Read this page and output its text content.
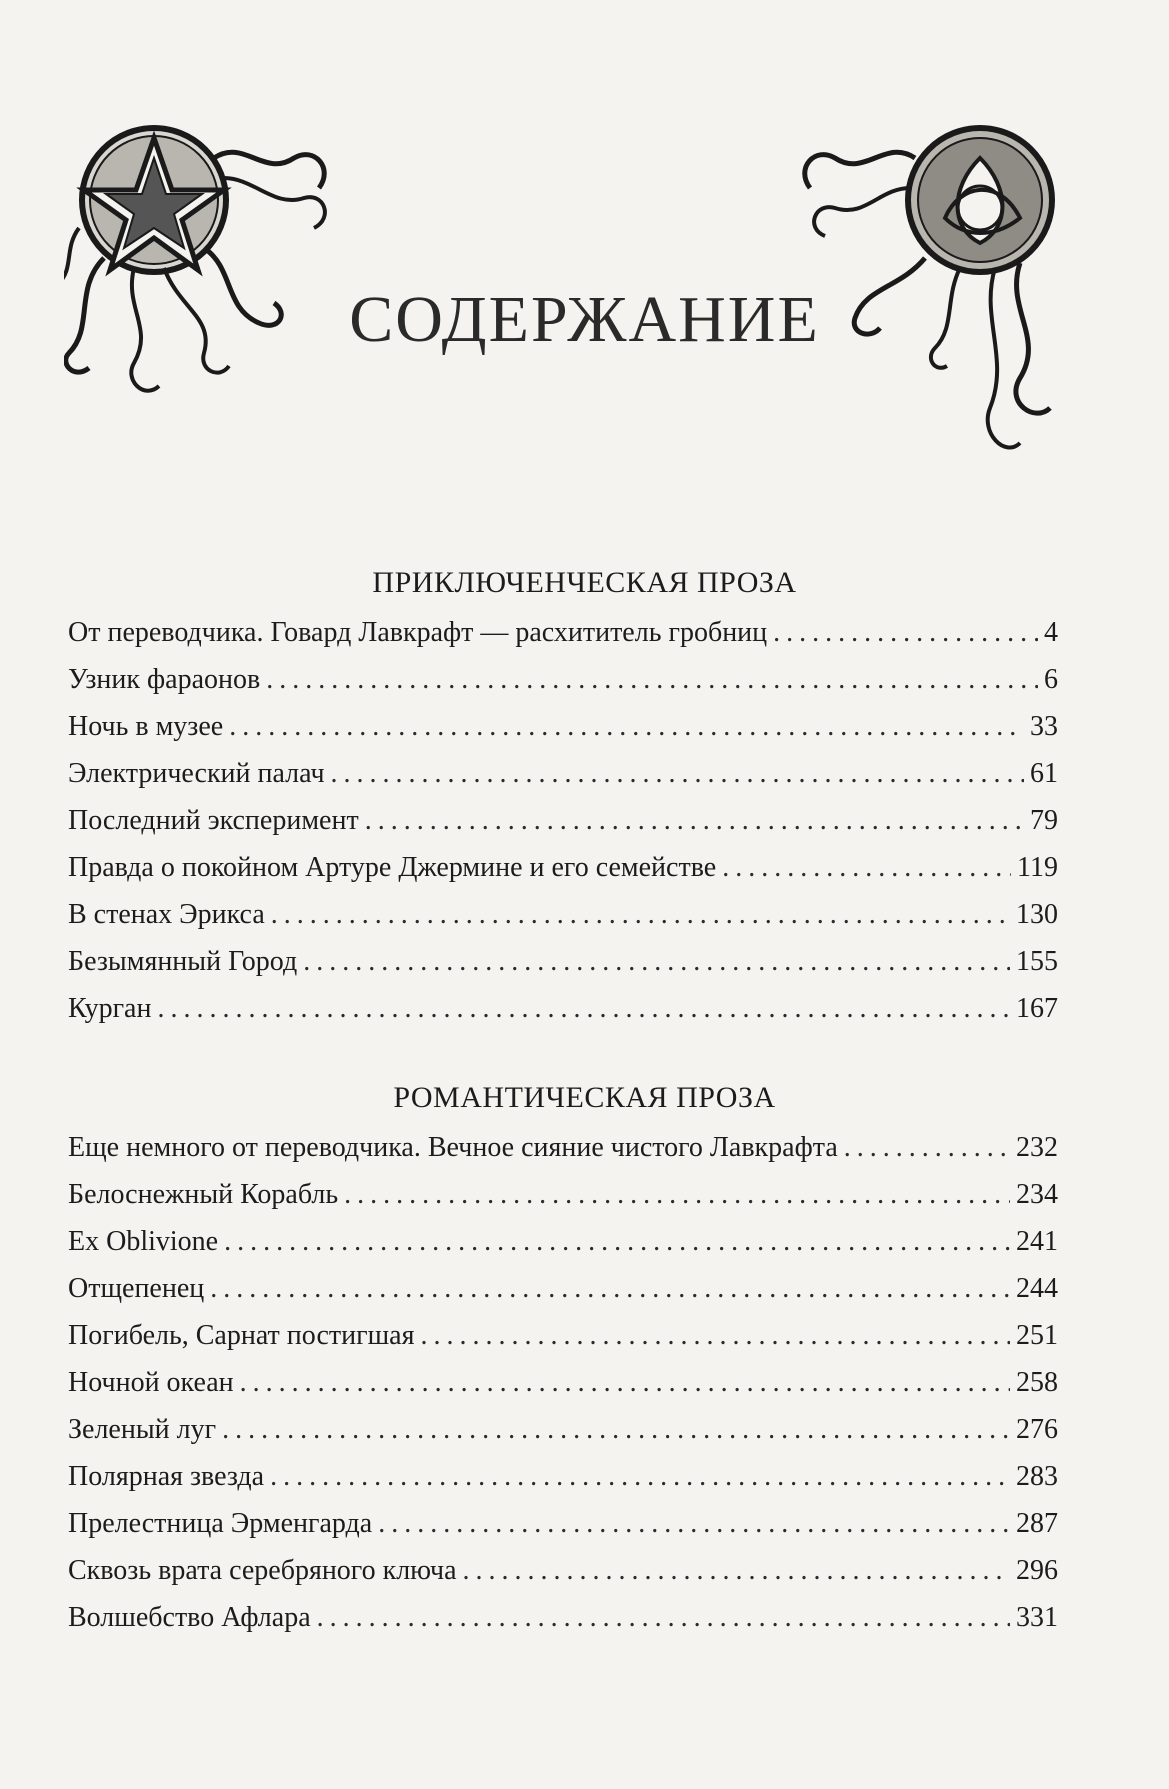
СОДЕРЖАНИЕ
ПРИКЛЮЧЕНЧЕСКАЯ ПРОЗА
От переводчика. Говард Лавкрафт — расхититель гробниц .....	4
Узник фараонов .....	6
Ночь в музее .....	33
Электрический палач .....	61
Последний эксперимент .....	79
Правда о покойном Артуре Джермине и его семействе .....	119
В стенах Эрикса .....	130
Безымянный Город .....	155
Курган .....	167
РОМАНТИЧЕСКАЯ ПРОЗА
Еще немного от переводчика. Вечное сияние чистого Лавкрафта .....	232
Белоснежный Корабль .....	234
Ex Oblivione .....	241
Отщепенец .....	244
Погибель, Сарнат постигшая .....	251
Ночной океан .....	258
Зеленый луг .....	276
Полярная звезда .....	283
Прелестница Эрменгарда .....	287
Сквозь врата серебряного ключа .....	296
Волшебство Афлара .....	331
